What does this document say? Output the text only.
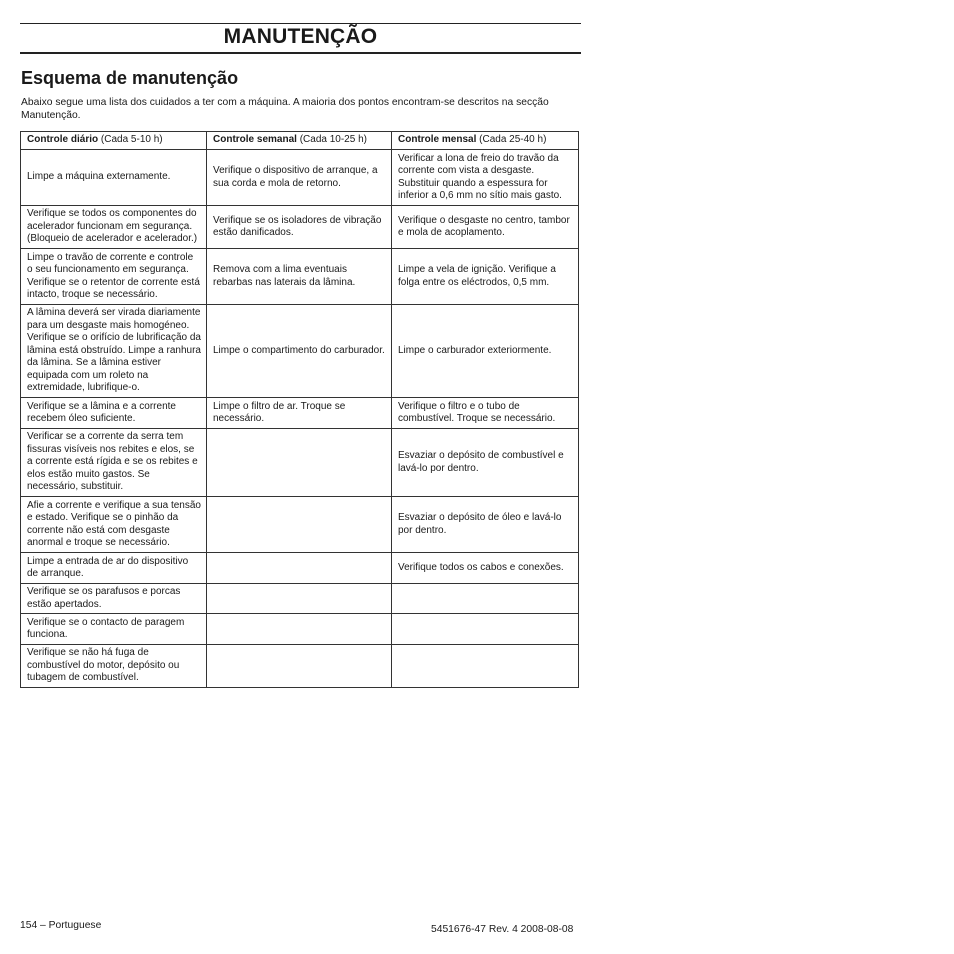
MANUTENÇÃO
Esquema de manutenção
Abaixo segue uma lista dos cuidados a ter com a máquina. A maioria dos pontos encontram-se descritos na secção Manutenção.
Controle diário (Cada 5-10 h)	Controle semanal (Cada 10-25 h)	Controle mensal (Cada 25-40 h)
Limpe a máquina externamente.	Verifique o dispositivo de arranque, a sua corda e mola de retorno.	Verificar a lona de freio do travão da corrente com vista a desgaste. Substituir quando a espessura for inferior a 0,6 mm no sítio mais gasto.
Verifique se todos os componentes do acelerador funcionam em segurança. (Bloqueio de acelerador e acelerador.)	Verifique se os isoladores de vibração estão danificados.	Verifique o desgaste no centro, tambor e mola de acoplamento.
Limpe o travão de corrente e controle o seu funcionamento em segurança. Verifique se o retentor de corrente está intacto, troque se necessário.	Remova com a lima eventuais rebarbas nas laterais da lâmina.	Limpe a vela de ignição. Verifique a folga entre os eléctrodos, 0,5 mm.
A lâmina deverá ser virada diariamente para um desgaste mais homogéneo. Verifique se o orifício de lubrificação da lâmina está obstruído. Limpe a ranhura da lâmina. Se a lâmina estiver equipada com um roleto na extremidade, lubrifique-o.	Limpe o compartimento do carburador.	Limpe o carburador exteriormente.
Verifique se a lâmina e a corrente recebem óleo suficiente.	Limpe o filtro de ar. Troque se necessário.	Verifique o filtro e o tubo de combustível. Troque se necessário.
Verificar se a corrente da serra tem fissuras visíveis nos rebites e elos, se a corrente está rígida e se os rebites e elos estão muito gastos. Se necessário, substituir.		Esvaziar o depósito de combustível e lavá-lo por dentro.
Afie a corrente e verifique a sua tensão e estado. Verifique se o pinhão da corrente não está com desgaste anormal e troque se necessário.		Esvaziar o depósito de óleo e lavá-lo por dentro.
Limpe a entrada de ar do dispositivo de arranque.		Verifique todos os cabos e conexões.
Verifique se os parafusos e porcas estão apertados.		
Verifique se o contacto de paragem funciona.		
Verifique se não há fuga de combustível do motor, depósito ou tubagem de combustível.		
154 – Portuguese	5451676-47 Rev. 4 2008-08-08
